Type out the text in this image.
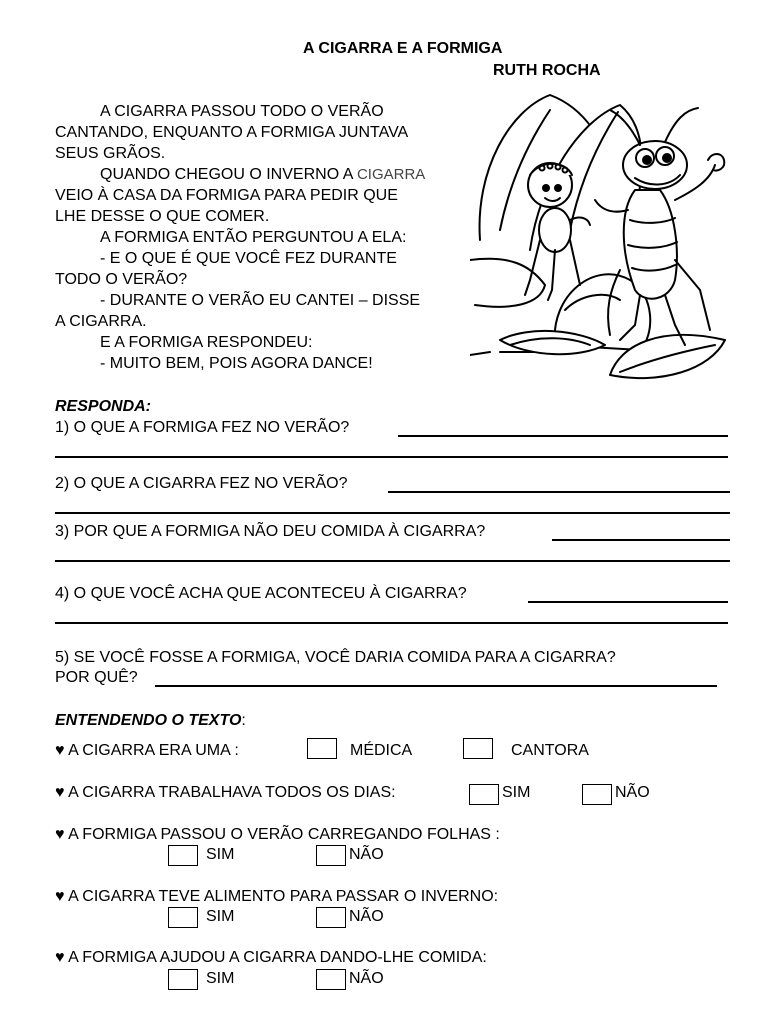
A CIGARRA E A FORMIGA
RUTH ROCHA
A CIGARRA PASSOU TODO O VERÃO
CANTANDO, ENQUANTO A FORMIGA JUNTAVA
SEUS GRÃOS.
QUANDO CHEGOU O INVERNO A CIGARRA
VEIO À CASA DA FORMIGA PARA PEDIR QUE
LHE DESSE O QUE COMER.
A FORMIGA ENTÃO PERGUNTOU A ELA:
- E O QUE É QUE VOCÊ FEZ DURANTE
TODO O VERÃO?
- DURANTE O VERÃO EU CANTEI – DISSE
A CIGARRA.
E A FORMIGA RESPONDEU:
- MUITO BEM, POIS AGORA DANCE!
RESPONDA:
1) O QUE A FORMIGA FEZ NO VERÃO?
2) O QUE A CIGARRA FEZ NO VERÃO?
3) POR QUE A FORMIGA NÃO DEU COMIDA À CIGARRA?
4) O QUE VOCÊ ACHA QUE ACONTECEU À CIGARRA?
5) SE VOCÊ FOSSE A FORMIGA, VOCÊ DARIA COMIDA PARA A CIGARRA?
POR QUÊ?
ENTENDENDO O TEXTO:
♥ A CIGARRA ERA UMA :	MÉDICA	CANTORA
♥ A CIGARRA TRABALHAVA TODOS OS DIAS:	SIM	NÃO
♥ A FORMIGA PASSOU O VERÃO CARREGANDO FOLHAS :
SIM	NÃO
♥ A CIGARRA TEVE ALIMENTO PARA PASSAR O INVERNO:
SIM	NÃO
♥ A FORMIGA AJUDOU A CIGARRA DANDO-LHE COMIDA:
SIM	NÃO
